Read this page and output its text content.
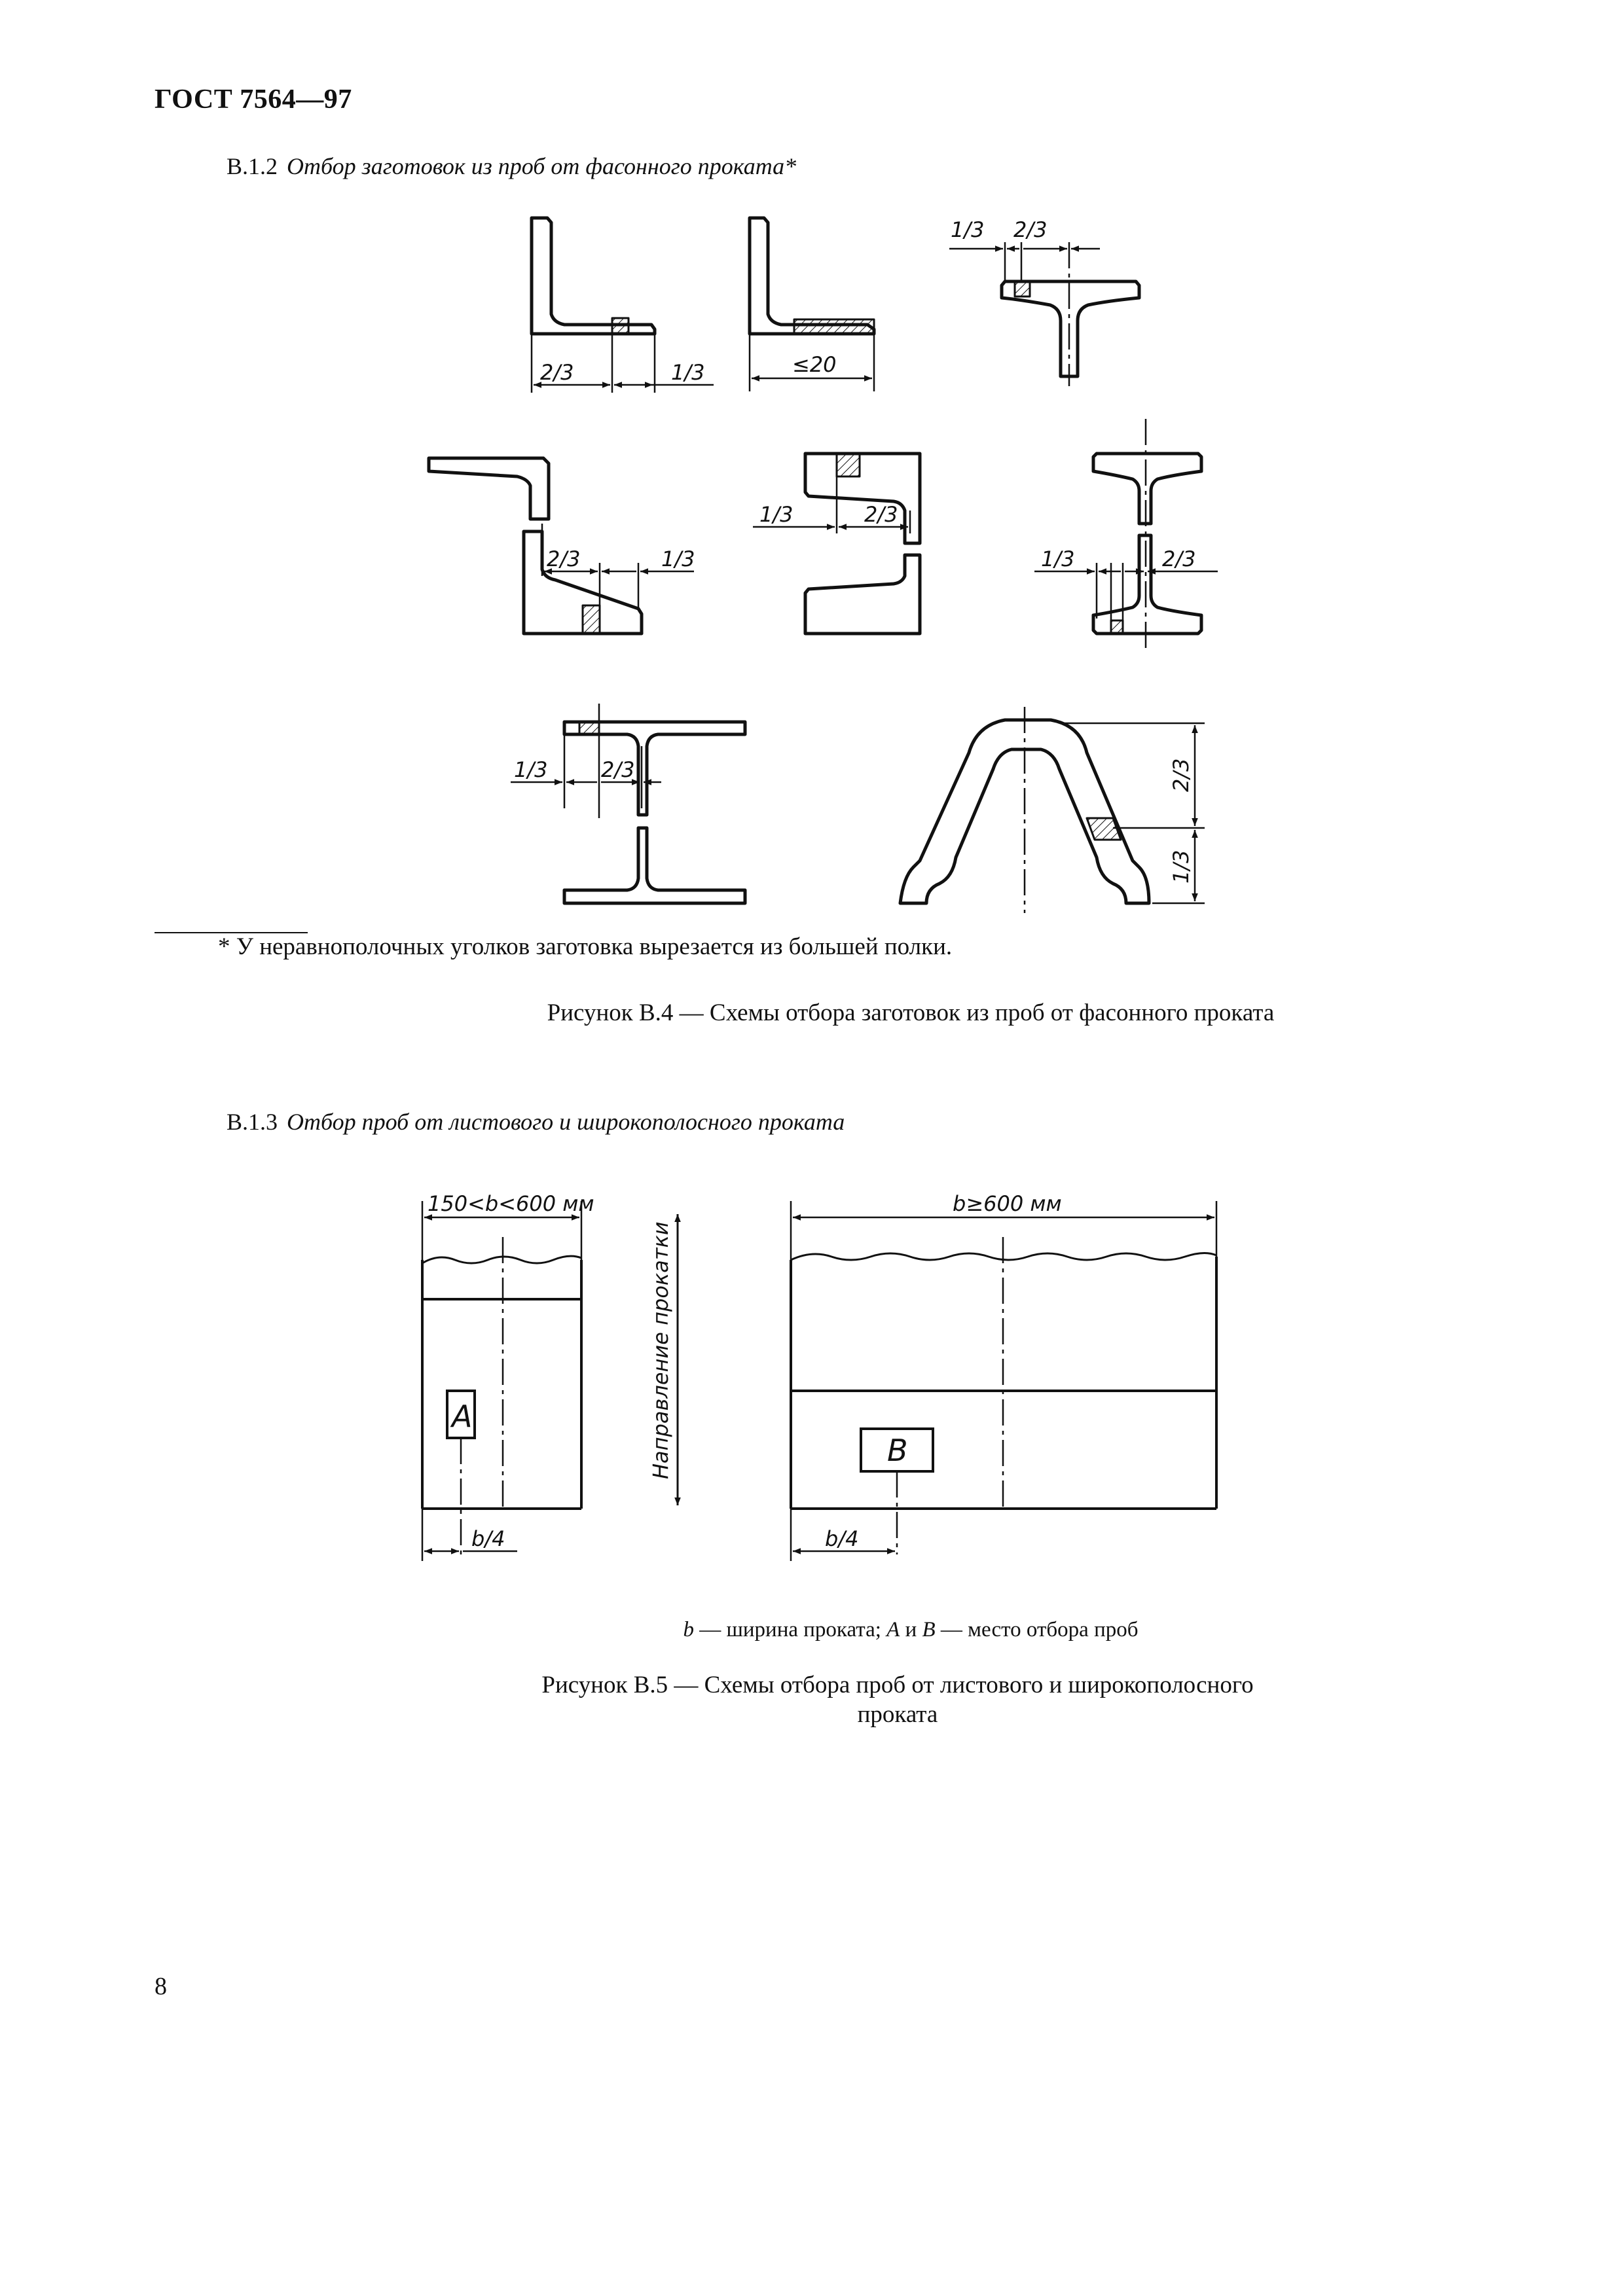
ГОСТ 7564—97
В.1.2 Отбор заготовок из проб от фасонного проката*
2/3	1/3	≤20
1/3 2/3
2/3	1/3
1/3	2/3
1/3	2/3
1/3	2/3	2/3
1/3
150<b<600 мм
A
b/4
Направление прокатки
b≥600 мм
B
b/4
* У неравнополочных уголков заготовка вырезается из большей полки.
Рисунок В.4 — Схемы отбора заготовок из проб от фасонного проката
В.1.3 Отбор проб от листового и широкополосного проката
b — ширина проката; A и B — место отбора проб
Рисунок В.5 — Схемы отбора проб от листового и широкополосного
проката
8
